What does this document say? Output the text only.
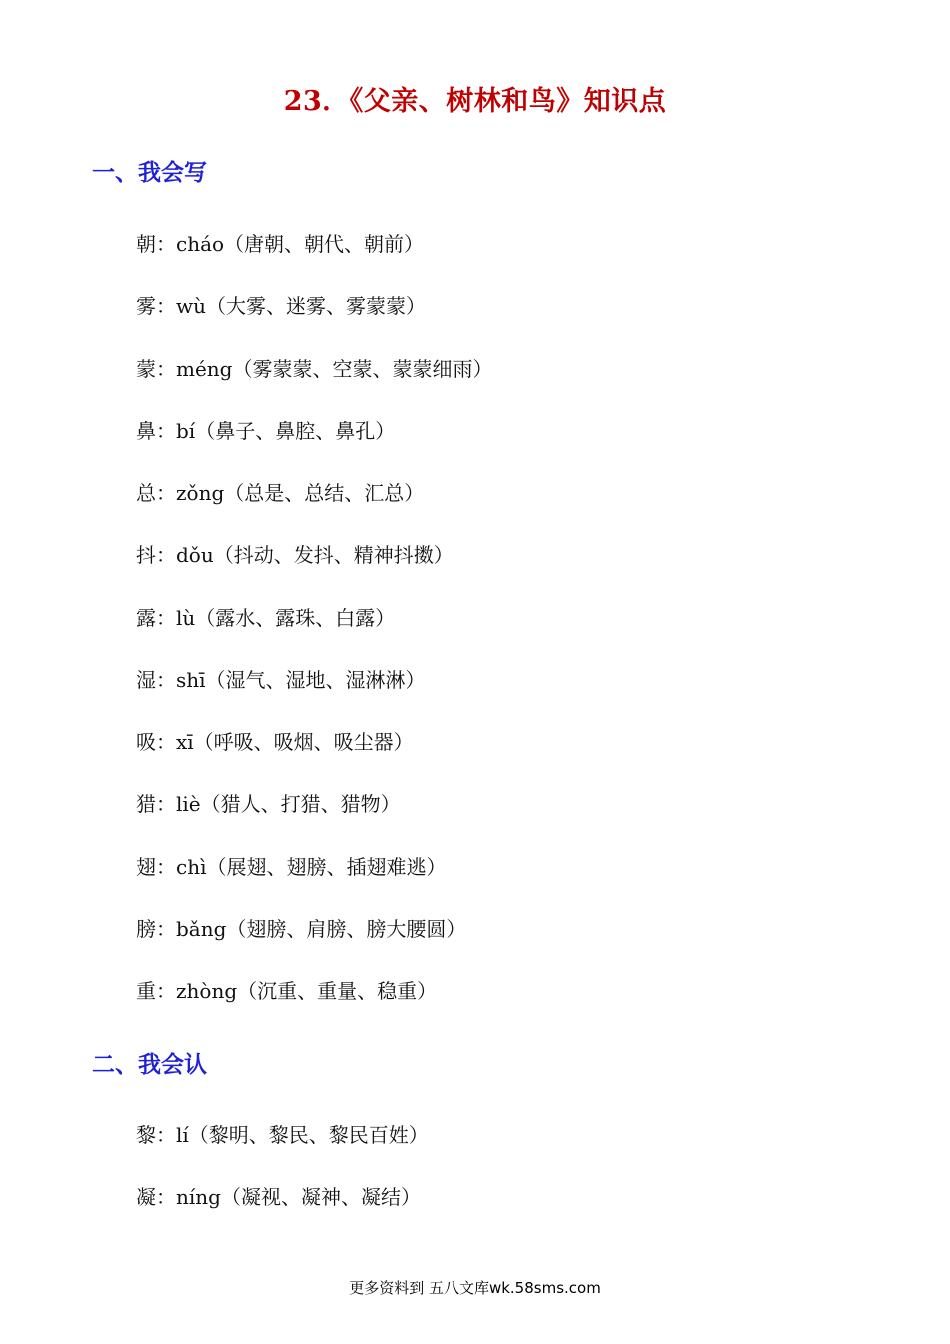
23．《父亲、树林和鸟》知识点
一、我会写
朝：cháo（唐朝、朝代、朝前）
雾：wù（大雾、迷雾、雾蒙蒙）
蒙：méng（雾蒙蒙、空蒙、蒙蒙细雨）
鼻：bí（鼻子、鼻腔、鼻孔）
总：zǒng（总是、总结、汇总）
抖：dǒu（抖动、发抖、精神抖擞）
露：lù（露水、露珠、白露）
湿：shī（湿气、湿地、湿淋淋）
吸：xī（呼吸、吸烟、吸尘器）
猎：liè（猎人、打猎、猎物）
翅：chì（展翅、翅膀、插翅难逃）
膀：bǎng（翅膀、肩膀、膀大腰圆）
重：zhòng（沉重、重量、稳重）
二、我会认
黎：lí（黎明、黎民、黎民百姓）
凝：níng（凝视、凝神、凝结）
更多资料到 五八文库wk.58sms.com
